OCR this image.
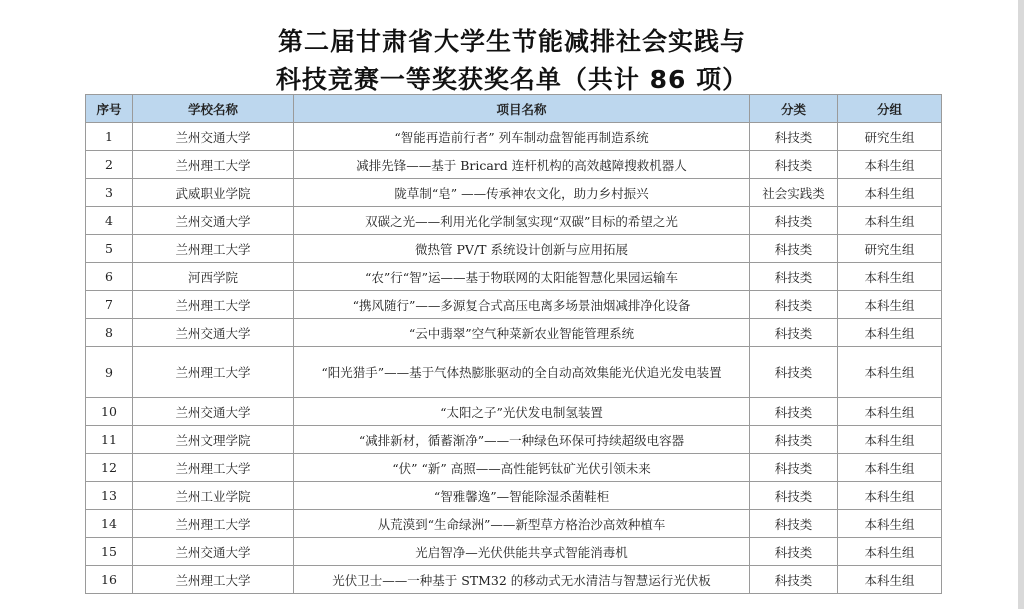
第二届甘肃省大学生节能减排社会实践与
科技竞赛一等奖获奖名单（共计 86 项）
序号	学校名称	项目名称	分类	分组
1	兰州交通大学	“智能再造前行者” 列车制动盘智能再制造系统	科技类	研究生组
2	兰州理工大学	减排先锋——基于 Bricard 连杆机构的高效越障搜救机器人	科技类	本科生组
3	武威职业学院	陇草制“皂” ——传承神农文化，助力乡村振兴	社会实践类	本科生组
4	兰州交通大学	双碳之光——利用光化学制氢实现“双碳”目标的希望之光	科技类	本科生组
5	兰州理工大学	微热管 PV/T 系统设计创新与应用拓展	科技类	研究生组
6	河西学院	“农”行“智”运——基于物联网的太阳能智慧化果园运输车	科技类	本科生组
7	兰州理工大学	“携风随行”——多源复合式高压电离多场景油烟减排净化设备	科技类	本科生组
8	兰州交通大学	“云中翡翠”空气种菜新农业智能管理系统	科技类	本科生组
9	兰州理工大学	“阳光猎手”——基于气体热膨胀驱动的全自动高效集能光伏追光发电装置	科技类	本科生组
10	兰州交通大学	“太阳之子”光伏发电制氢装置	科技类	本科生组
11	兰州文理学院	“减排新材，循蓄渐净”——一种绿色环保可持续超级电容器	科技类	本科生组
12	兰州理工大学	“伏” “新” 高照——高性能钙钛矿光伏引领未来	科技类	本科生组
13	兰州工业学院	“智雅馨逸”—智能除湿杀菌鞋柜	科技类	本科生组
14	兰州理工大学	从荒漠到“生命绿洲”——新型草方格治沙高效种植车	科技类	本科生组
15	兰州交通大学	光启智净—光伏供能共享式智能消毒机	科技类	本科生组
16	兰州理工大学	光伏卫士——一种基于 STM32 的移动式无水清洁与智慧运行光伏板	科技类	本科生组
